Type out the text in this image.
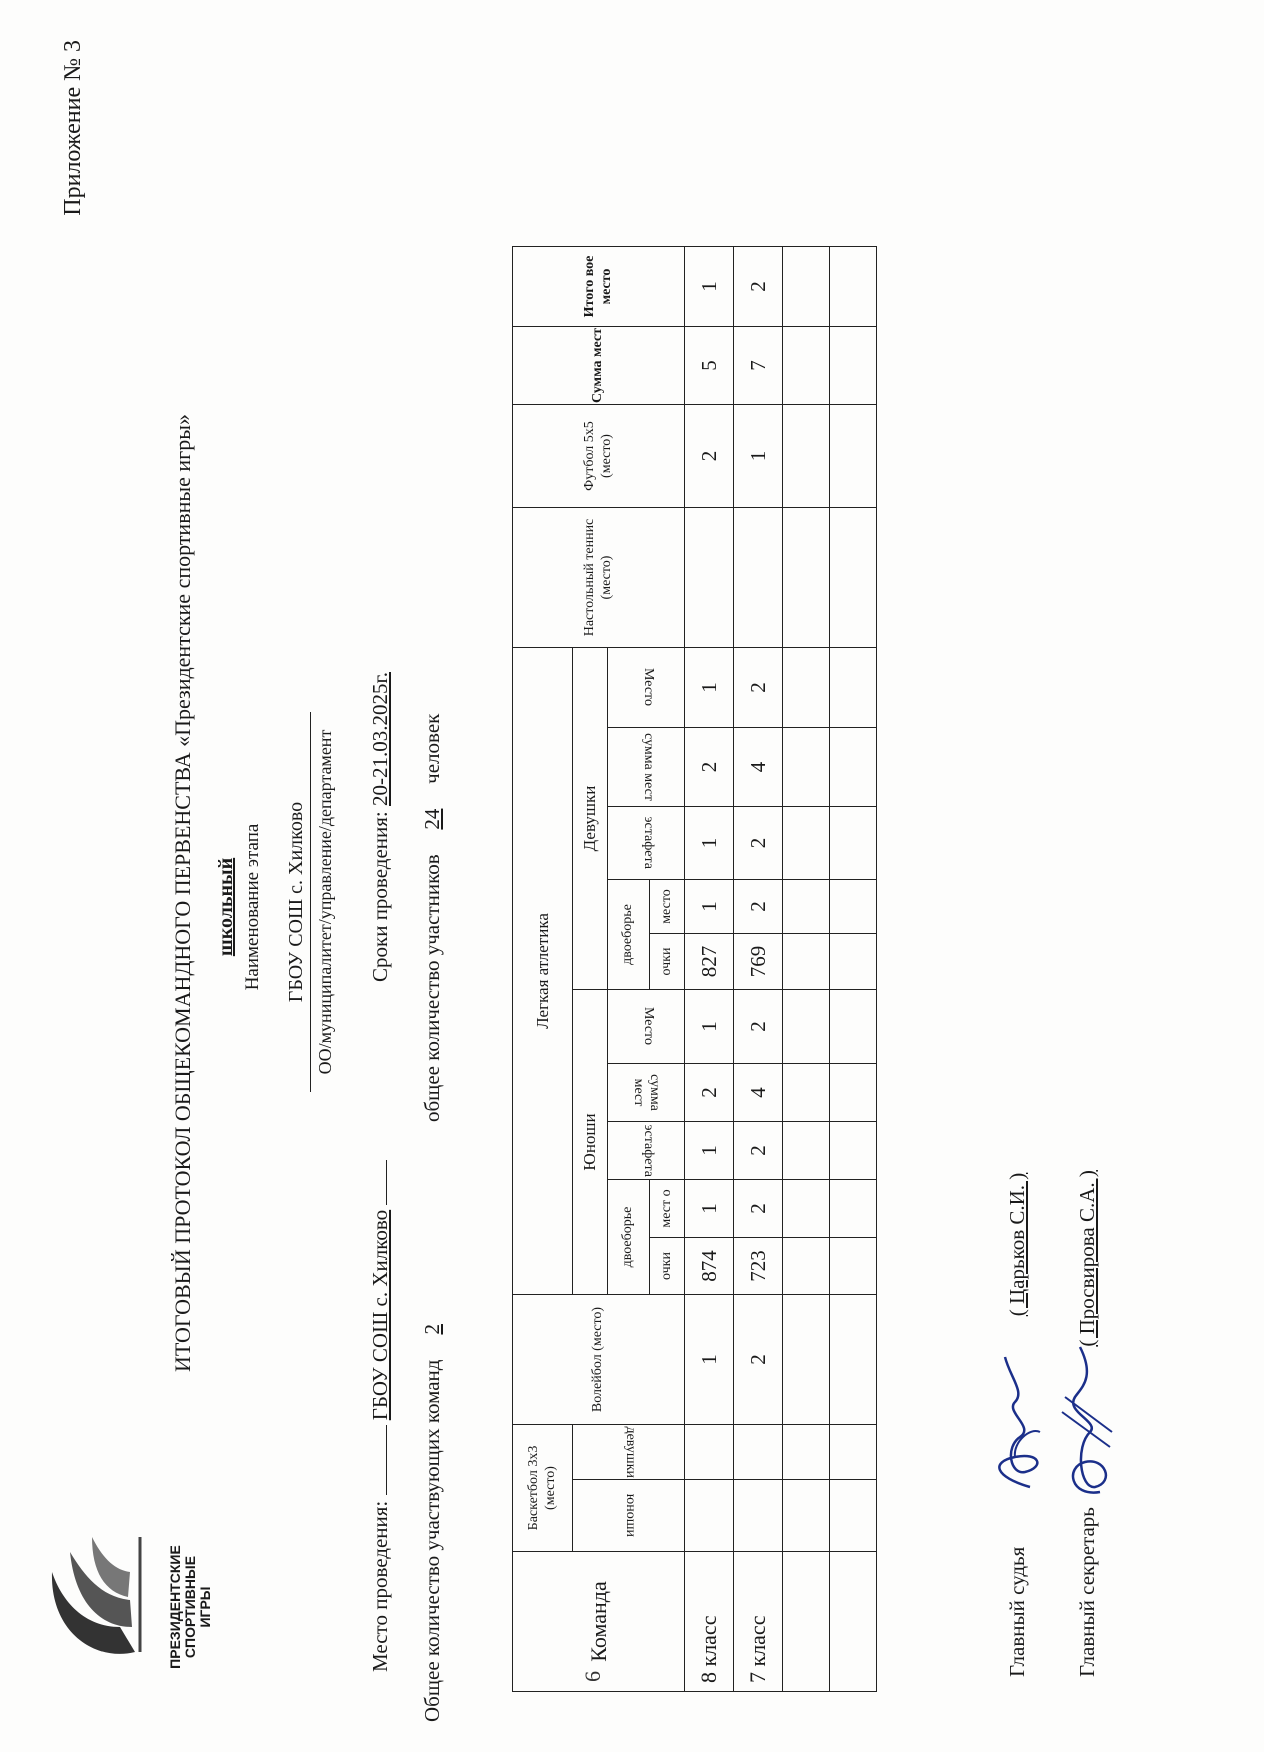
ПРЕЗИДЕНТСКИЕ СПОРТИВНЫЕ ИГРЫ
Приложение № 3
ИТОГОВЫЙ ПРОТОКОЛ ОБЩЕКОМАНДНОГО ПЕРВЕНСТВА «Президентские спортивные игры» школьный Наименование этапа ГБОУ СОШ с. Хилково ОО/муниципалитет/управление/департамент
Место проведения:  ГБОУ СОШ с. Хилково
Сроки проведения: 20-21.03.2025г.
Общее количество участвующих команд 2
общее количество участников 24 человек
Команда	Баскетбол 3x3 (место)		Волейбол (место)	Легкая атлетика										Настольный теннис (место)	Футбол 5x5 (место)	Сумма мест	Итого вое место
	юноши	девушки		Юноши					Девушки								
				двоеборье		эстафета	сумма мест	Место	двоеборье		эстафета	сумма мест	Место				
				очки	мест о				очки	место							
8 класс			1	874	1	1	2	1	827	1	1	2	1		2	5	1
7 класс			2	723	2	2	4	2	769	2	2	4	2		1	7	2

6	Главный судья  ( Царьков С.И. )
Главный секретарь  ( Просвирова С.А. )
